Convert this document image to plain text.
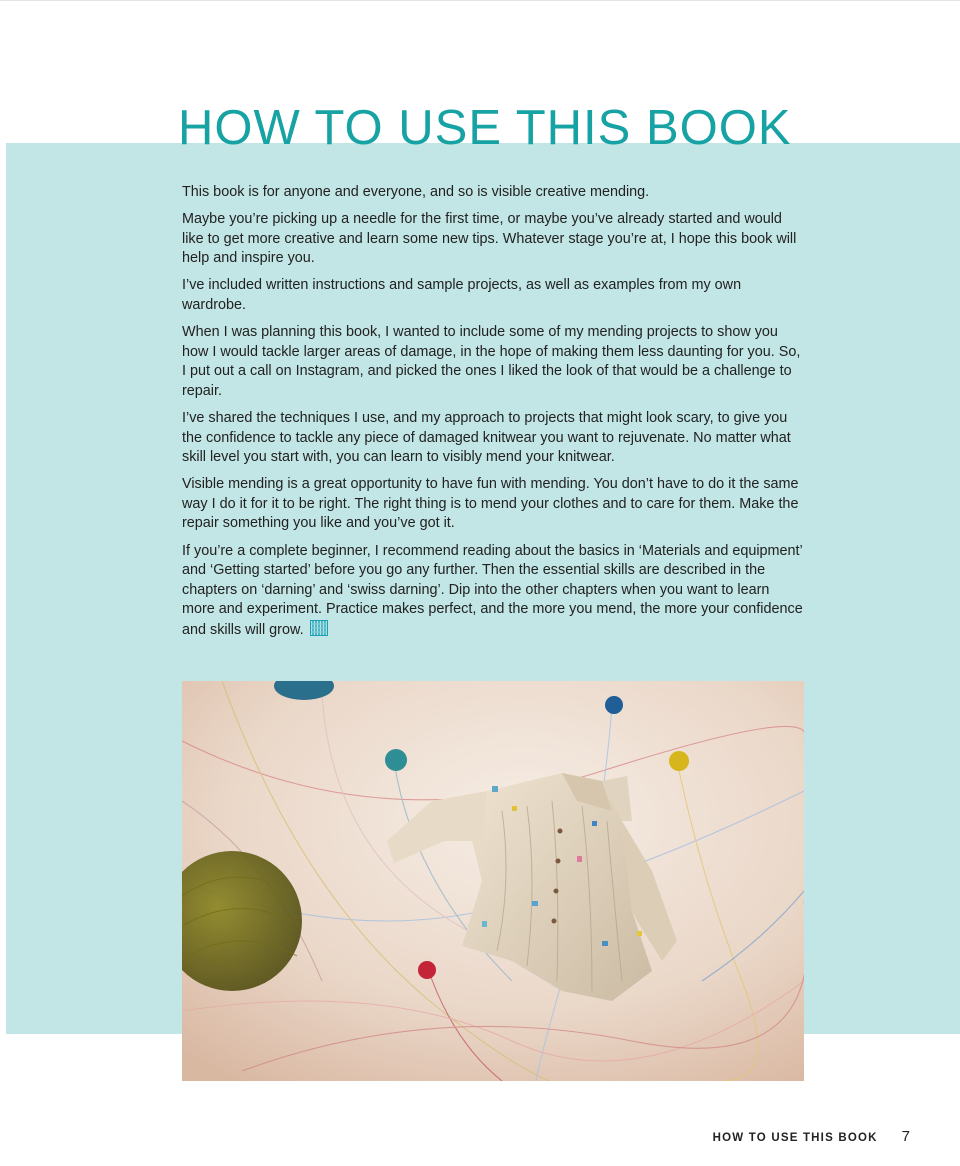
HOW TO USE THIS BOOK

This book is for anyone and everyone, and so is visible creative mending.

Maybe you’re picking up a needle for the first time, or maybe you’ve already started and would like to get more creative and learn some new tips. Whatever stage you’re at, I hope this book will help and inspire you.

I’ve included written instructions and sample projects, as well as examples from my own wardrobe.

When I was planning this book, I wanted to include some of my mending projects to show you how I would tackle larger areas of damage, in the hope of making them less daunting for you. So, I put out a call on Instagram, and picked the ones I liked the look of that would be a challenge to repair.

I’ve shared the techniques I use, and my approach to projects that might look scary, to give you the confidence to tackle any piece of damaged knitwear you want to rejuvenate. No matter what skill level you start with, you can learn to visibly mend your knitwear.

Visible mending is a great opportunity to have fun with mending. You don’t have to do it the same way I do it for it to be right. The right thing is to mend your clothes and to care for them. Make the repair something you like and you’ve got it.

If you’re a complete beginner, I recommend reading about the basics in ‘Materials and equipment’ and ‘Getting started’ before you go any further. Then the essential skills are described in the chapters on ‘darning’ and ‘swiss darning’. Dip into the other chapters when you want to learn more and experiment. Practice makes perfect, and the more you mend, the more your confidence and skills will grow.

HOW TO USE THIS BOOK 7
